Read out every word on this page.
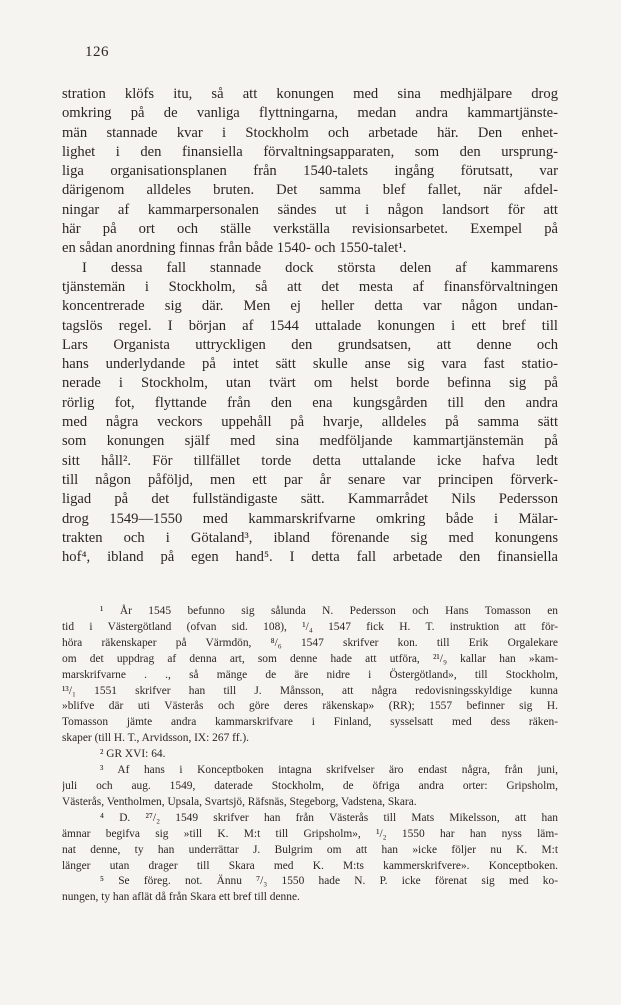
126
stration klöfs itu, så att konungen med sina medhjälpare drog
omkring på de vanliga flyttningarna, medan andra kammartjänste-
män stannade kvar i Stockholm och arbetade här. Den enhet-
lighet i den finansiella förvaltningsapparaten, som den ursprung-
liga organisationsplanen från 1540-talets ingång förutsatt, var
därigenom alldeles bruten. Det samma blef fallet, när afdel-
ningar af kammarpersonalen sändes ut i någon landsort för att
här på ort och ställe verkställa revisionsarbetet. Exempel på
en sådan anordning finnas från både 1540- och 1550-talet¹.
I dessa fall stannade dock största delen af kammarens
tjänstemän i Stockholm, så att det mesta af finansförvaltningen
koncentrerade sig där. Men ej heller detta var någon undan-
tagslös regel. I början af 1544 uttalade konungen i ett bref till
Lars Organista uttryckligen den grundsatsen, att denne och
hans underlydande på intet sätt skulle anse sig vara fast statio-
nerade i Stockholm, utan tvärt om helst borde befinna sig på
rörlig fot, flyttande från den ena kungsgården till den andra
med några veckors uppehåll på hvarje, alldeles på samma sätt
som konungen själf med sina medföljande kammartjänstemän på
sitt håll². För tillfället torde detta uttalande icke hafva ledt
till någon påföljd, men ett par år senare var principen förverk-
ligad på det fullständigaste sätt. Kammarrådet Nils Pedersson
drog 1549—1550 med kammarskrifvarne omkring både i Mälar-
trakten och i Götaland³, ibland förenande sig med konungens
hof⁴, ibland på egen hand⁵. I detta fall arbetade den finansiella
¹ År 1545 befunno sig sålunda N. Pedersson och Hans Tomasson en
tid i Västergötland (ofvan sid. 108), ¹/₄ 1547 fick H. T. instruktion att för-
höra räkenskaper på Värmdön, ⁸/₆ 1547 skrifver kon. till Erik Orgalekare
om det uppdrag af denna art, som denne hade att utföra, ²¹/₉ kallar han »kam-
marskrifvarne . ., så mänge de äre nidre i Östergötland», till Stockholm,
¹³/₁ 1551 skrifver han till J. Månsson, att några redovisningsskyldige kunna
»blifve där uti Västerås och göre deres räkenskap» (RR); 1557 befinner sig H.
Tomasson jämte andra kammarskrifvare i Finland, sysselsatt med dess räken-
skaper (till H. T., Arvidsson, IX: 267 ff.).
² GR XVI: 64.
³ Af hans i Konceptboken intagna skrifvelser äro endast några, från juni,
juli och aug. 1549, daterade Stockholm, de öfriga andra orter: Gripsholm,
Västerås, Ventholmen, Upsala, Svartsjö, Räfsnäs, Stegeborg, Vadstena, Skara.
⁴ D. ²⁷/₂ 1549 skrifver han från Västerås till Mats Mikelsson, att han
ämnar begifva sig »till K. M:t till Gripsholm», ¹/₂ 1550 har han nyss läm-
nat denne, ty han underrättar J. Bulgrim om att han »icke följer nu K. M:t
länger utan drager till Skara med K. M:ts kammerskrifvere». Konceptboken.
⁵ Se föreg. not. Ännu ⁷/₃ 1550 hade N. P. icke förenat sig med ko-
nungen, ty han aflät då från Skara ett bref till denne.
